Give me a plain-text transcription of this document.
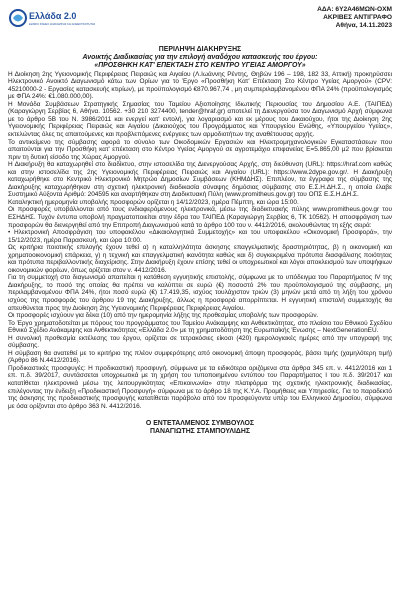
Ελλάδα 2.0
ΕΘΝΙΚΟ ΣΧΕΔΙΟ ΑΝΑΚΑΜΨΗΣ ΚΑΙ ΑΝΘΕΚΤΙΚΟΤΗΤΑΣ
ΑΔΑ: 6Υ2Α46ΜΩΝ-ΟΧΜ
ΑΚΡΙΒΕΣ ΑΝΤΙΓΡΑΦΟ
Αθήνα, 14.11.2023
ΠΕΡΙΛΗΨΗ ΔΙΑΚΗΡΥΞΗΣ
Ανοικτής Διαδικασίας για την επιλογή αναδόχου κατασκευής του έργου:
«ΠΡΟΣΘΗΚΗ ΚΑΤ' ΕΠΕΚΤΑΣΗ ΣΤΟ ΚΕΝΤΡΟ ΥΓΕΙΑΣ ΑΜΟΡΓΟΥ»

Η Διοίκηση 2ης Υγειονομικής Περιφέρειας Πειραιώς και Αιγαίου (Λ.Ιωάννης Ρέντης, Θηβών 196 – 198, 182 33, Αττική) προκηρύσσει Ηλεκτρονικό Ανοικτό Διαγωνισμό κάτω των Ορίων για το Έργο «Προσθήκη Κατ' Επέκταση Στο Κέντρο Υγείας Αμοργού» (CPV: 45210000-2 - Εργασίες κατασκευής κτιρίων), με προϋπολογισμό €870.967,74 , μη συμπεριλαμβανομένου ΦΠΑ 24% (προϋπολογισμός με ΦΠΑ 24%: €1.080.000,00).

Η Μονάδα Συμβάσεων Στρατηγικής Σημασίας του Ταμείου Αξιοποίησης Ιδιωτικής Περιουσίας του Δημοσίου Α.Ε. (ΤΑΙΠΕΔ) (Καραγιώργη Σερβίας 6, Αθήνα. 10562. +30 210 3274400, tender@hraf.gr) αποτελεί τη Διενεργούσα τον Διαγωνισμό Αρχή σύμφωνα με το άρθρο 5Β του Ν. 3986/2011 και ενεργεί κατ' εντολή, για λογαριασμό και εκ μέρους του Δικαιούχου, ήτοι της Διοίκηση 2ης Υγειονομικής Περιφέρειας Πειραιώς και Αιγαίου (Δικαιούχος του Προγράμματος και Υπουργείου Ενώθης, «Υπουργείου Υγείας», εκτελώντας όλες τις απαιτούμενες και προβλεπόμενες ενέργειες των αρμοδιοτήτων της αναθέτουσας αρχής.

Το αντικείμενο της σύμβασης αφορά το σύνολο των Οικοδομικών Εργασιών και Ηλεκτρομηχανολογικών Εγκαταστάσεων που απαιτούνται για την Προσθήκη κατ' επέκταση στο Κέντρο Υγείας Αμοργού σε αγροτεμάχιο επιφανείας Ε=5.865,00 μ2 που βρίσκεται πριν τη δυτική είσοδο της Χώρας Αμοργού.

Η Διακήρυξη θα καταχωρηθεί στο διαδίκτυο, στην ιστοσελίδα της Διενεργούσας Αρχής, στη διεύθυνση (URL): https://hraf.com καθώς και στην ιστοσελίδα της 2ης Υγειονομικής Περιφέρειας Πειραιώς και Αιγαίου (URL): https://www.2dype.gov.gr/. Η Διακήρυξη καταχωρήθηκε στο Κεντρικό Ηλεκτρονικό Μητρώο Δημοσίων Συμβάσεων (ΚΗΜΔΗΣ). Επιπλέον, τα έγγραφα της σύμβασης της Διακήρυξης καταχωρήθηκαν στη σχετική ηλεκτρονική διαδικασία σύναψης δημόσιας σύμβασης στο Ε.Σ.Η.ΔΗ.Σ., η οποία έλαβε Συστημικό Αύξοντα Αριθμό: 204595 και αναρτήθηκαν στη Διαδικτυακή Πύλη (www.promitheus.gov.gr) του ΟΠΣ Ε.Σ.Η.ΔΗ.Σ.

Καταληκτική ημερομηνία υποβολής προσφορών ορίζεται η 14/12/2023, ημέρα Πέμπτη, και ώρα 15:00.

Οι προσφορές υποβάλλονται από τους ενδιαφερόμενους ηλεκτρονικά, μέσω της διαδικτυακής πύλης www.promitheus.gov.gr του ΕΣΗΔΗΣ. Τυχόν έντυπα υποβολή πραγματοποιείται στην έδρα του ΤΑΙΠΕΔ (Καραγιώργη Σερβίας 6, ΤΚ 10562). Η αποσφράγιση των προσφορών θα διενεργηθεί από την Επιτροπή Διαγωνισμού κατά το άρθρο 100 του ν. 4412/2016, ακολουθώντας τη εξής σειρά:

• Ηλεκτρονική Αποσφράγιση του υποφακέλου «Δικαιολογητικά Συμμετοχής» και του υποφακέλου «Οικονομική Προσφορά», την 15/12/2023, ημέρα Παρασκευή, και ώρα 10:00.

Ως κριτήρια ποιοτικής επιλογής έχουν τεθεί α) η καταλληλότητα άσκησης επαγγελματικής δραστηριότητας, β) η οικονομική και χρηματοοικονομική επάρκεια, γ) η τεχνική και επαγγελματική ικανότητα καθώς και δ) συγκεκριμένα πρότυπα διασφάλισης ποιότητας και πρότυπα περιβαλλοντικής διαχείρισης. Στην Διακήρυξη έχουν επίσης τεθεί οι υποχρεωτικοί και λόγοι αποκλεισμού των υποψήφιων οικονομικών φορέων, όπως ορίζεται στον ν. 4412/2016.

Για τη συμμετοχή στο διαγωνισμό απαιτείται η κατάθεση εγγυητικής επιστολής, σύμφωνα με το υπόδειγμα του Παραρτήματος IV της Διακήρυξης, το ποσό της οποίας θα πρέπει να καλύπτει σε ευρώ (€) ποσοστό 2% του προϋπολογισμού της σύμβασης, μη περιλαμβανομένου ΦΠΑ 24%, ήτοι ποσό ευρώ (€) 17.419,35, ισχύος τουλάχιστον τριών (3) μηνών μετά από τη λήξη του χρόνου ισχύος της προσφοράς του άρθρου 19 της Διακήρυξης, άλλως η προσφορά απορρίπτεται. Η εγγυητική επιστολή συμμετοχής θα απευθύνεται προς την Διοίκηση 2ης Υγειονομικής Περιφέρειας Περιφέρειας Αιγαίου.

Οι προσφορές ισχύουν για δέκα (10) από την ημερομηνία λήξης της προθεσμίας υποβολής των προσφορών.

Το Έργο χρηματοδοτείται με πόρους του προγράμματος του Ταμείου Ανάκαμψης και Ανθεκτικότητας, στο πλαίσιο του Εθνικού Σχεδίου Εθνικό Σχέδιο Ανάκαμψης και Ανθεκτικότητας «Ελλάδα 2.0» με τη χρηματοδότηση της Ευρωπαϊκής Ένωσης – NextGenerationEU.

Η συνολική προθεσμία εκτέλεσης του έργου, ορίζεται σε τετρακόσιες είκοσι (420) ημερολογιακές ημέρες από την υπογραφή της σύμβασης.

Η σύμβαση θα ανατεθεί με το κριτήριο της πλέον συμφερότερης από οικονομική άποψη προσφοράς, βάσει τιμής (χαμηλότερη τιμή) (Άρθρο 86 Ν.4412/2016).

Προδικαστικές προσφυγές: Η προδικαστική προσφυγή, σύμφωνα με τα ειδικότερα οριζόμενα στα άρθρα 345 επ. ν. 4412/2016 και 1 επ. π.δ. 39/2017, συντάσσεται υποχρεωτικά με τη χρήση του τυποποιημένου εντύπου του Παραρτήματος I του π.δ. 39/2017 και κατατίθεται ηλεκτρονικά μέσω της λειτουργικότητας «Επικοινωνία» στην πλατφόρμα της σχετικής ηλεκτρονικής διαδικασίας, επιλέγοντας την ένδειξη «Προδικαστική Προσφυγή» σύμφωνα με το άρθρο 18 της Κ.Υ.Α. Προμήθειες και Υπηρεσίες. Για το παραδεκτό της άσκησης της προδικαστικής προσφυγής κατατίθεται παράβολο από τον προσφεύγοντα υπέρ του Ελληνικού Δημοσίου, σύμφωνα με όσα ορίζονται στο άρθρο 363 Ν. 4412/2016.

Ο ΕΝΤΕΤΑΛΜΕΝΟΣ ΣΥΜΒΟΥΛΟΣ
ΠΑΝΑΓΙΩΤΗΣ ΣΤΑΜΠΟΥΛΙΔΗΣ
